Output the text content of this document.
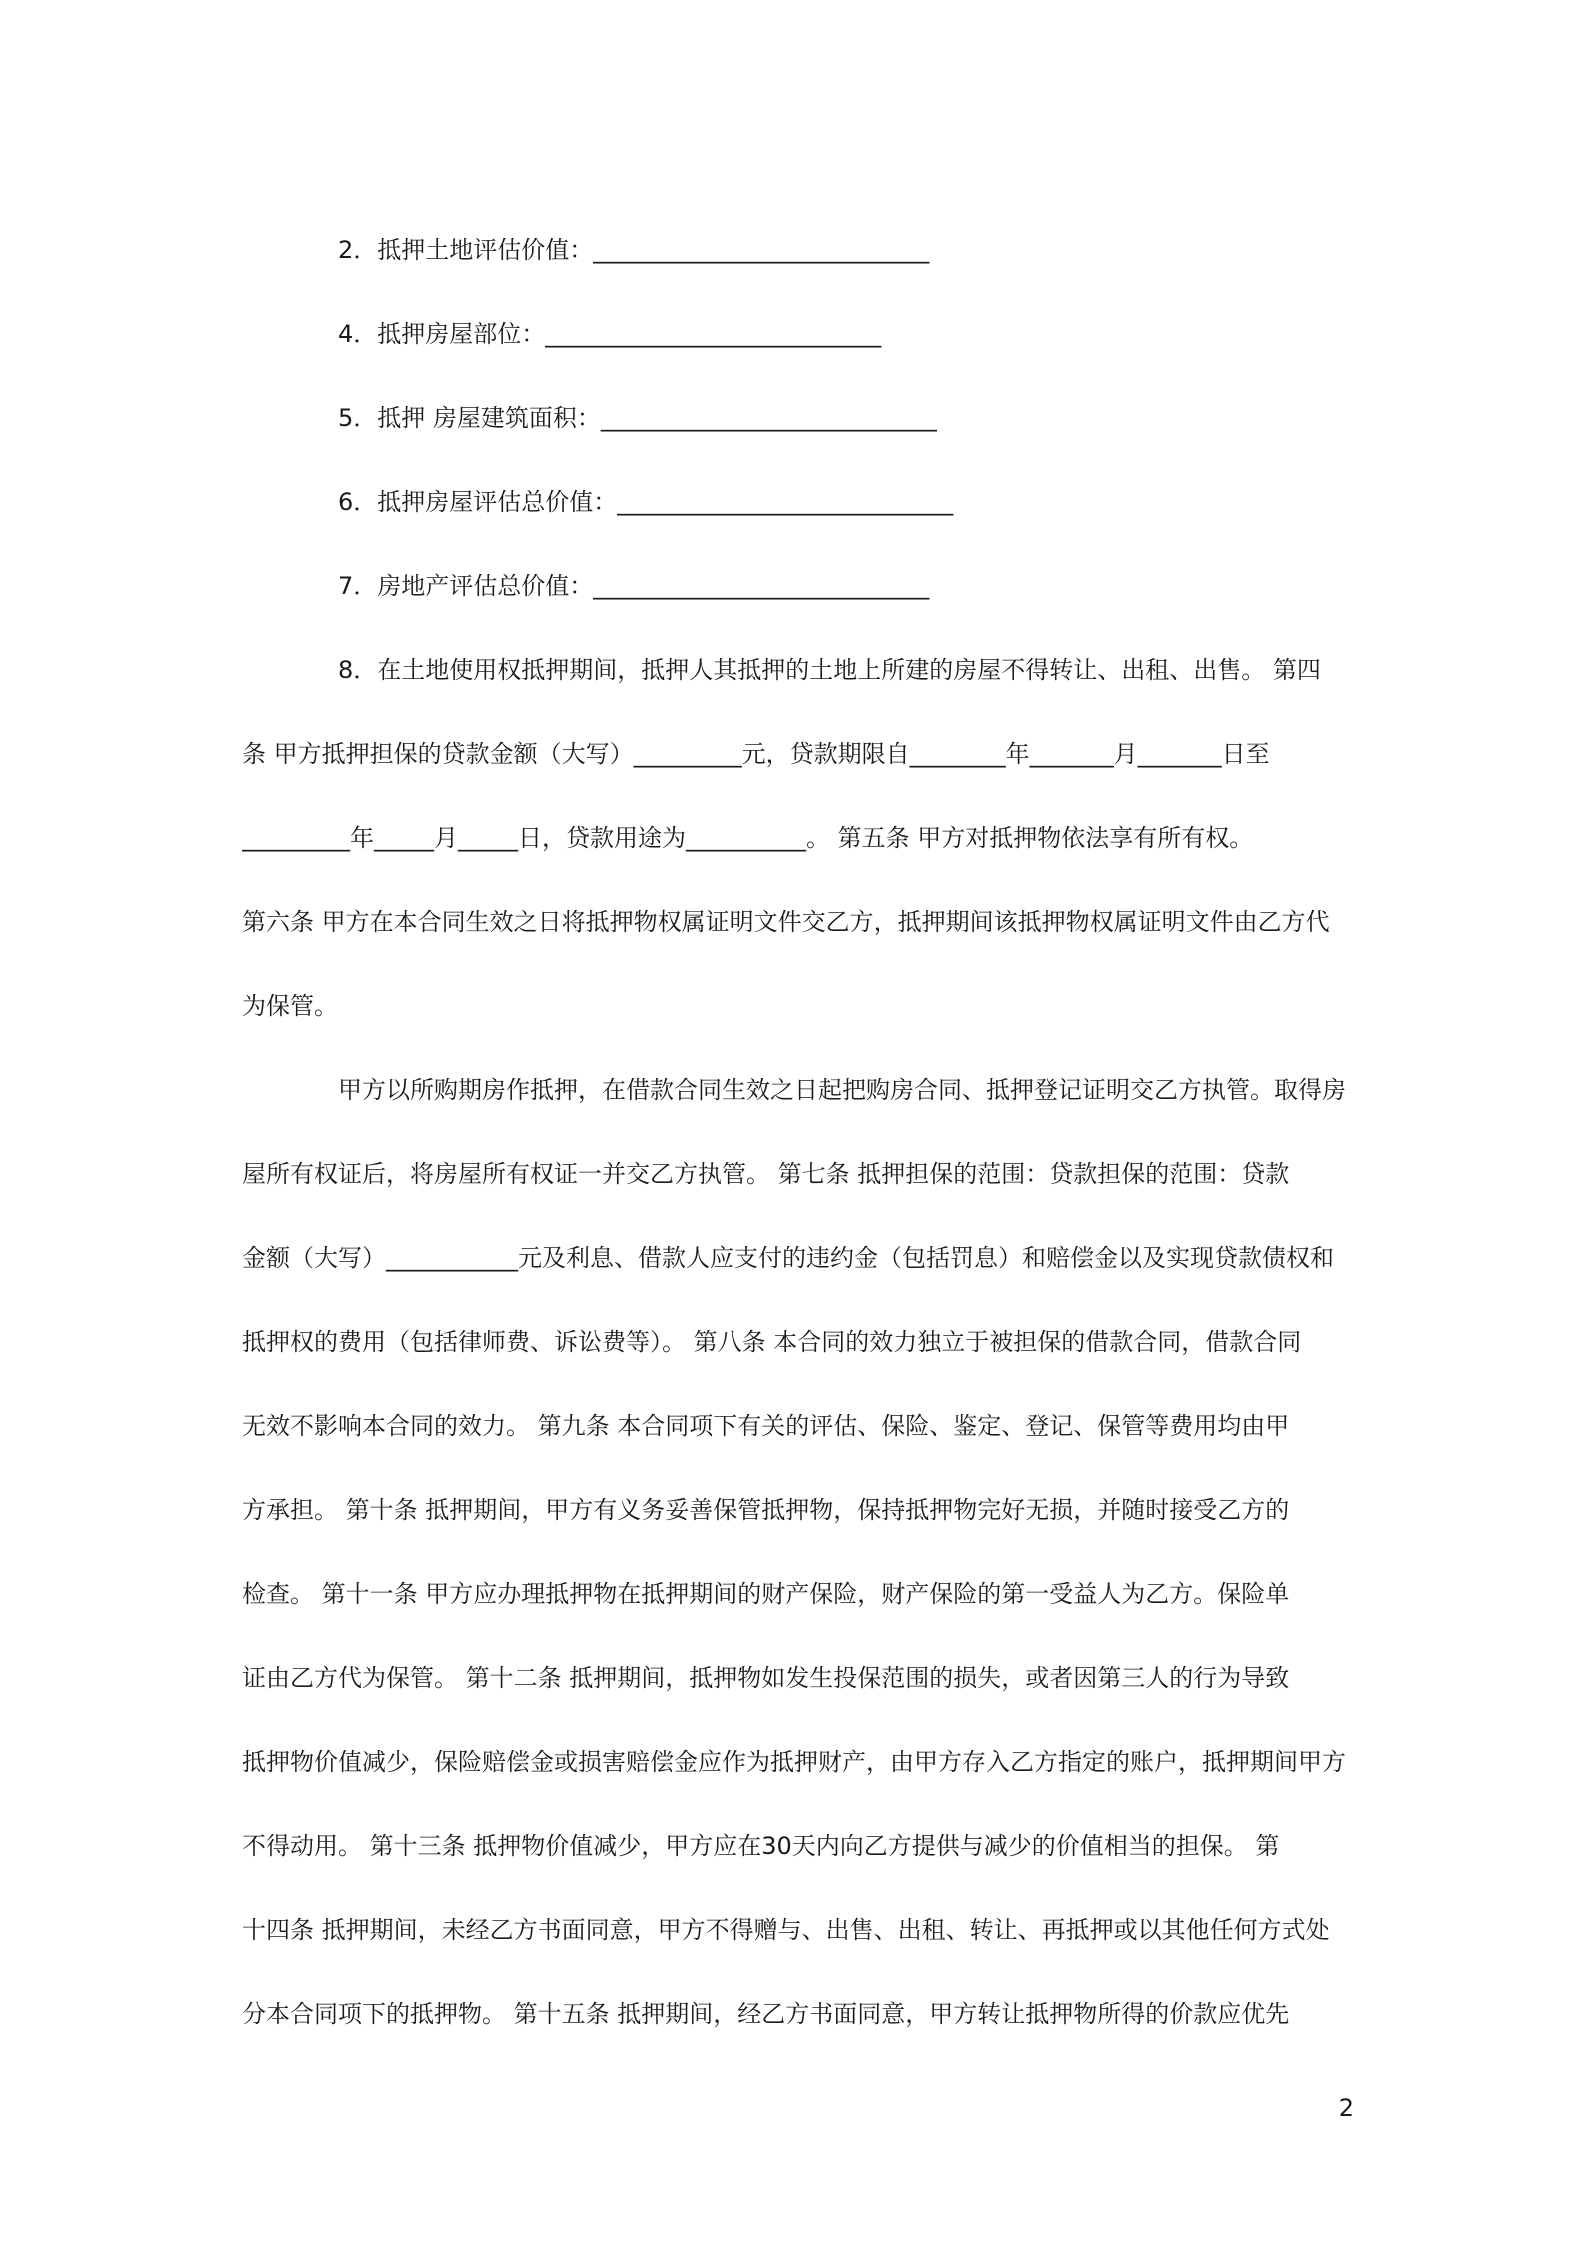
2．抵押土地评估价值：____________________________
4．抵押房屋部位：____________________________
5．抵押 房屋建筑面积：____________________________
6．抵押房屋评估总价值：____________________________
7．房地产评估总价值：____________________________
8．在土地使用权抵押期间，抵押人其抵押的土地上所建的房屋不得转让、出租、出售。 第四
条 甲方抵押担保的贷款金额（大写）_________元，贷款期限自________年_______月_______日至
_________年_____月_____日，贷款用途为__________。 第五条 甲方对抵押物依法享有所有权。
第六条 甲方在本合同生效之日将抵押物权属证明文件交乙方，抵押期间该抵押物权属证明文件由乙方代
为保管。
甲方以所购期房作抵押，在借款合同生效之日起把购房合同、抵押登记证明交乙方执管。取得房
屋所有权证后，将房屋所有权证一并交乙方执管。 第七条 抵押担保的范围：贷款担保的范围：贷款
金额（大写）___________元及利息、借款人应支付的违约金（包括罚息）和赔偿金以及实现贷款债权和
抵押权的费用（包括律师费、诉讼费等）。 第八条 本合同的效力独立于被担保的借款合同，借款合同
无效不影响本合同的效力。 第九条 本合同项下有关的评估、保险、鉴定、登记、保管等费用均由甲
方承担。 第十条 抵押期间，甲方有义务妥善保管抵押物，保持抵押物完好无损，并随时接受乙方的
检查。 第十一条 甲方应办理抵押物在抵押期间的财产保险，财产保险的第一受益人为乙方。保险单
证由乙方代为保管。 第十二条 抵押期间，抵押物如发生投保范围的损失，或者因第三人的行为导致
抵押物价值减少，保险赔偿金或损害赔偿金应作为抵押财产，由甲方存入乙方指定的账户，抵押期间甲方
不得动用。 第十三条 抵押物价值减少，甲方应在30天内向乙方提供与减少的价值相当的担保。 第
十四条 抵押期间，未经乙方书面同意，甲方不得赠与、出售、出租、转让、再抵押或以其他任何方式处
分本合同项下的抵押物。 第十五条 抵押期间，经乙方书面同意，甲方转让抵押物所得的价款应优先
2
